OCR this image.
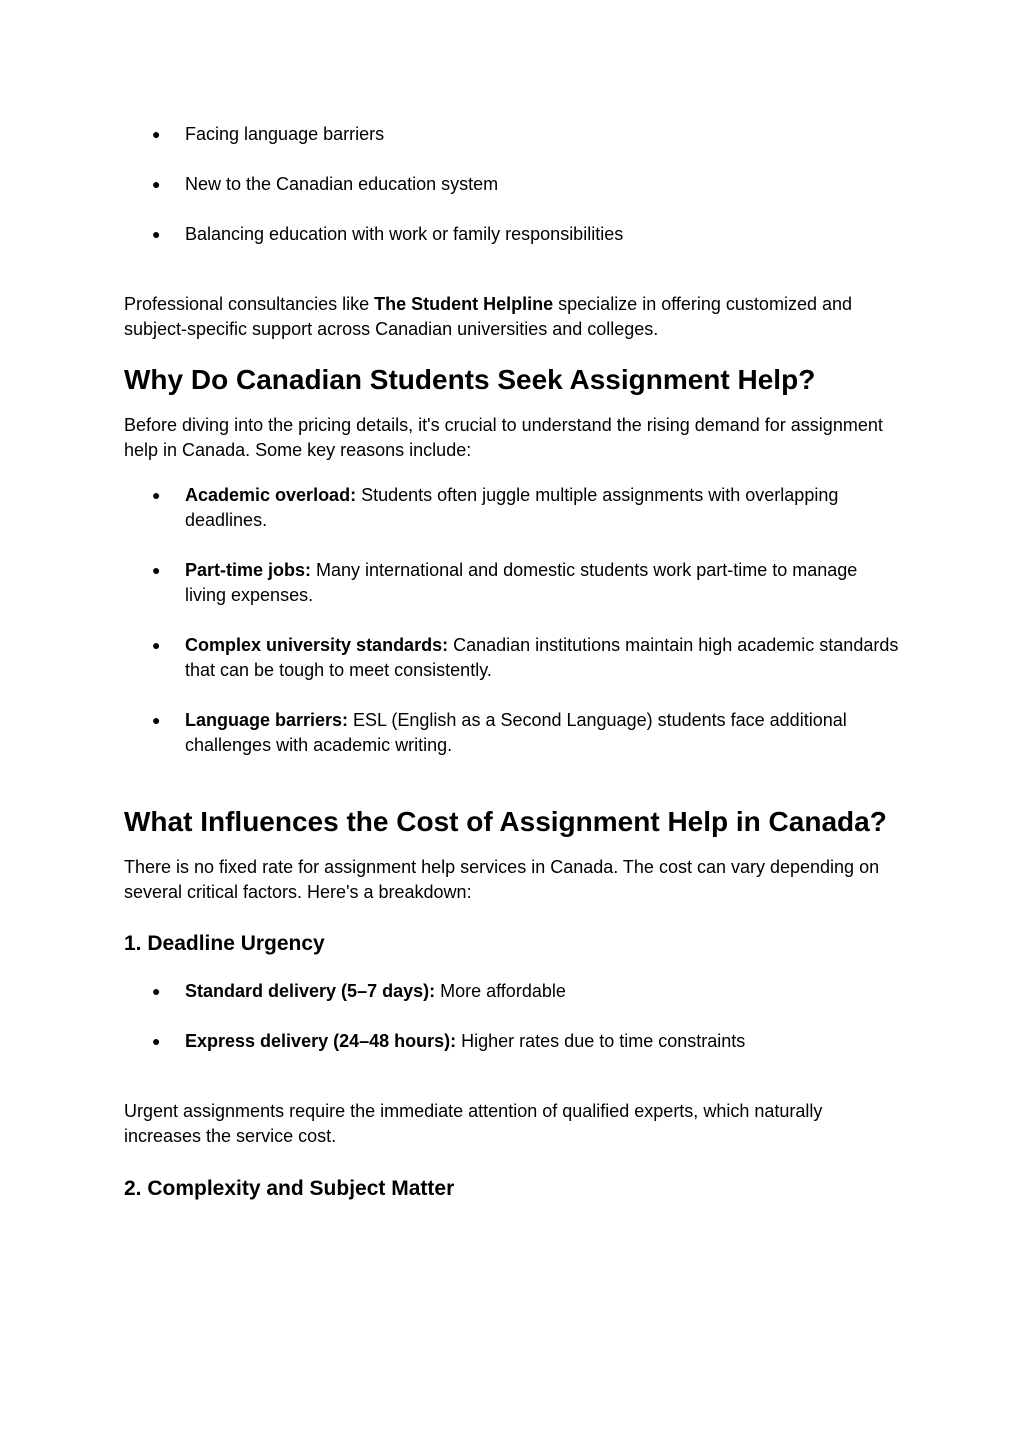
● Facing language barriers
● New to the Canadian education system
● Balancing education with work or family responsibilities

Professional consultancies like The Student Helpline specialize in offering customized and subject-specific support across Canadian universities and colleges.

Why Do Canadian Students Seek Assignment Help?

Before diving into the pricing details, it's crucial to understand the rising demand for assignment help in Canada. Some key reasons include:

● Academic overload: Students often juggle multiple assignments with overlapping deadlines.
● Part-time jobs: Many international and domestic students work part-time to manage living expenses.
● Complex university standards: Canadian institutions maintain high academic standards that can be tough to meet consistently.
● Language barriers: ESL (English as a Second Language) students face additional challenges with academic writing.
What Influences the Cost of Assignment Help in Canada?

There is no fixed rate for assignment help services in Canada. The cost can vary depending on several critical factors. Here's a breakdown:

1. Deadline Urgency
● Standard delivery (5–7 days): More affordable
● Express delivery (24–48 hours): Higher rates due to time constraints

Urgent assignments require the immediate attention of qualified experts, which naturally increases the service cost.

2. Complexity and Subject Matter
